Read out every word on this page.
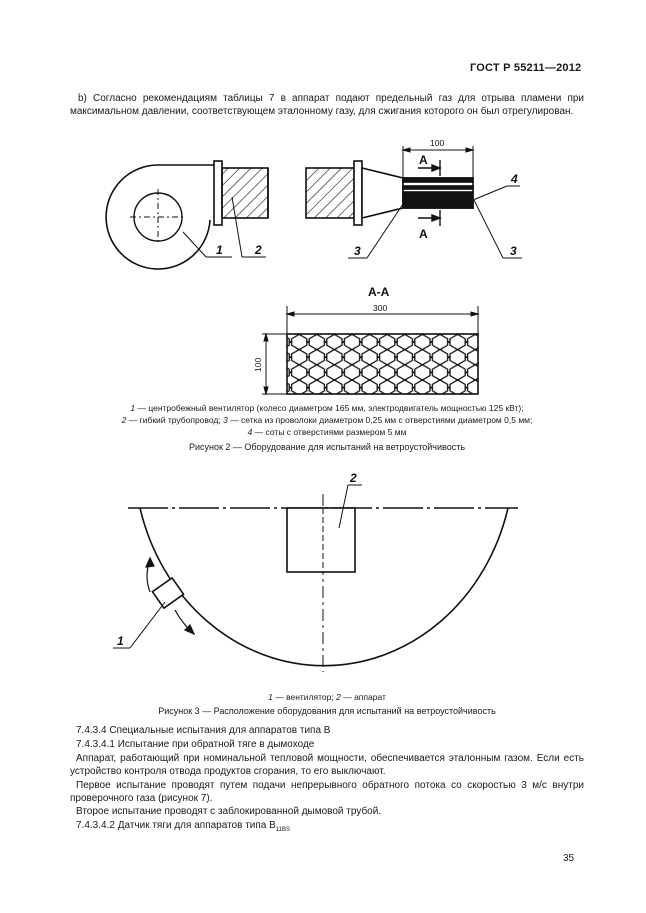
ГОСТ Р 55211—2012
b) Согласно рекомендациям таблицы 7 в аппарат подают предельный газ для отрыва пламени при максимальном давлении, соответствующем эталонному газу, для сжигания которого он был отрегулирован.
1	2
100
А
А
3	3
4
А-А
300
100
1 — центробежный вентилятор (колесо диаметром 165 мм, электродвигатель мощностью 125 кВт);
2 — гибкий трубопровод; 3 — сетка из проволоки диаметром 0,25 мм с отверстиями диаметром 0,5 мм;
4 — соты с отверстиями размером 5 мм
Рисунок 2 — Оборудование для испытаний на ветроустойчивость
2
1
1 — вентилятор; 2 — аппарат
Рисунок 3 — Расположение оборудования для испытаний на ветроустойчивость
7.4.3.4 Специальные испытания для аппаратов типа В
7.4.3.4.1 Испытание при обратной тяге в дымоходе
Аппарат, работающий при номинальной тепловой мощности, обеспечивается эталонным газом. Если есть устройство контроля отвода продуктов сгорания, то его выключают.
Первое испытание проводят путем подачи непрерывного обратного потока со скоростью 3 м/с внутри проверочного газа (рисунок 7).
Второе испытание проводят с заблокированной дымовой трубой.
7.4.3.4.2 Датчик тяги для аппаратов типа $В_{11BS}$
35
